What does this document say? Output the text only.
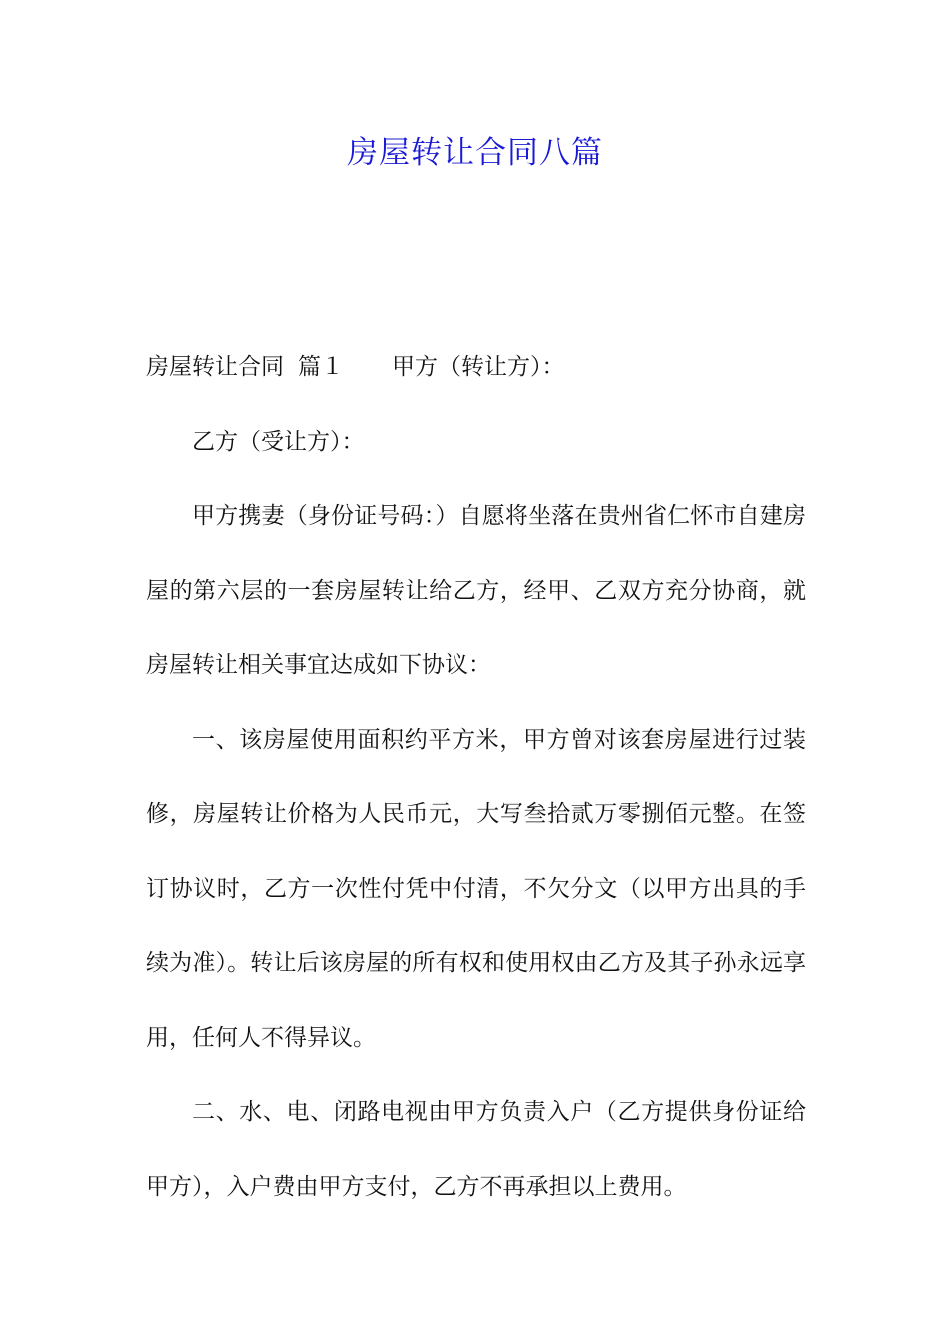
房屋转让合同八篇

房屋转让合同 篇１ 甲方（转让方）：

乙方（受让方）：

甲方携妻（身份证号码：）自愿将坐落在贵州省仁怀市自建房屋的第六层的一套房屋转让给乙方，经甲、乙双方充分协商，就房屋转让相关事宜达成如下协议：

一、该房屋使用面积约平方米，甲方曾对该套房屋进行过装修，房屋转让价格为人民币元，大写叁拾贰万零捌佰元整。在签订协议时，乙方一次性付凭中付清，不欠分文（以甲方出具的手续为准）。转让后该房屋的所有权和使用权由乙方及其子孙永远享用，任何人不得异议。

二、水、电、闭路电视由甲方负责入户（乙方提供身份证给甲方），入户费由甲方支付，乙方不再承担以上费用。
